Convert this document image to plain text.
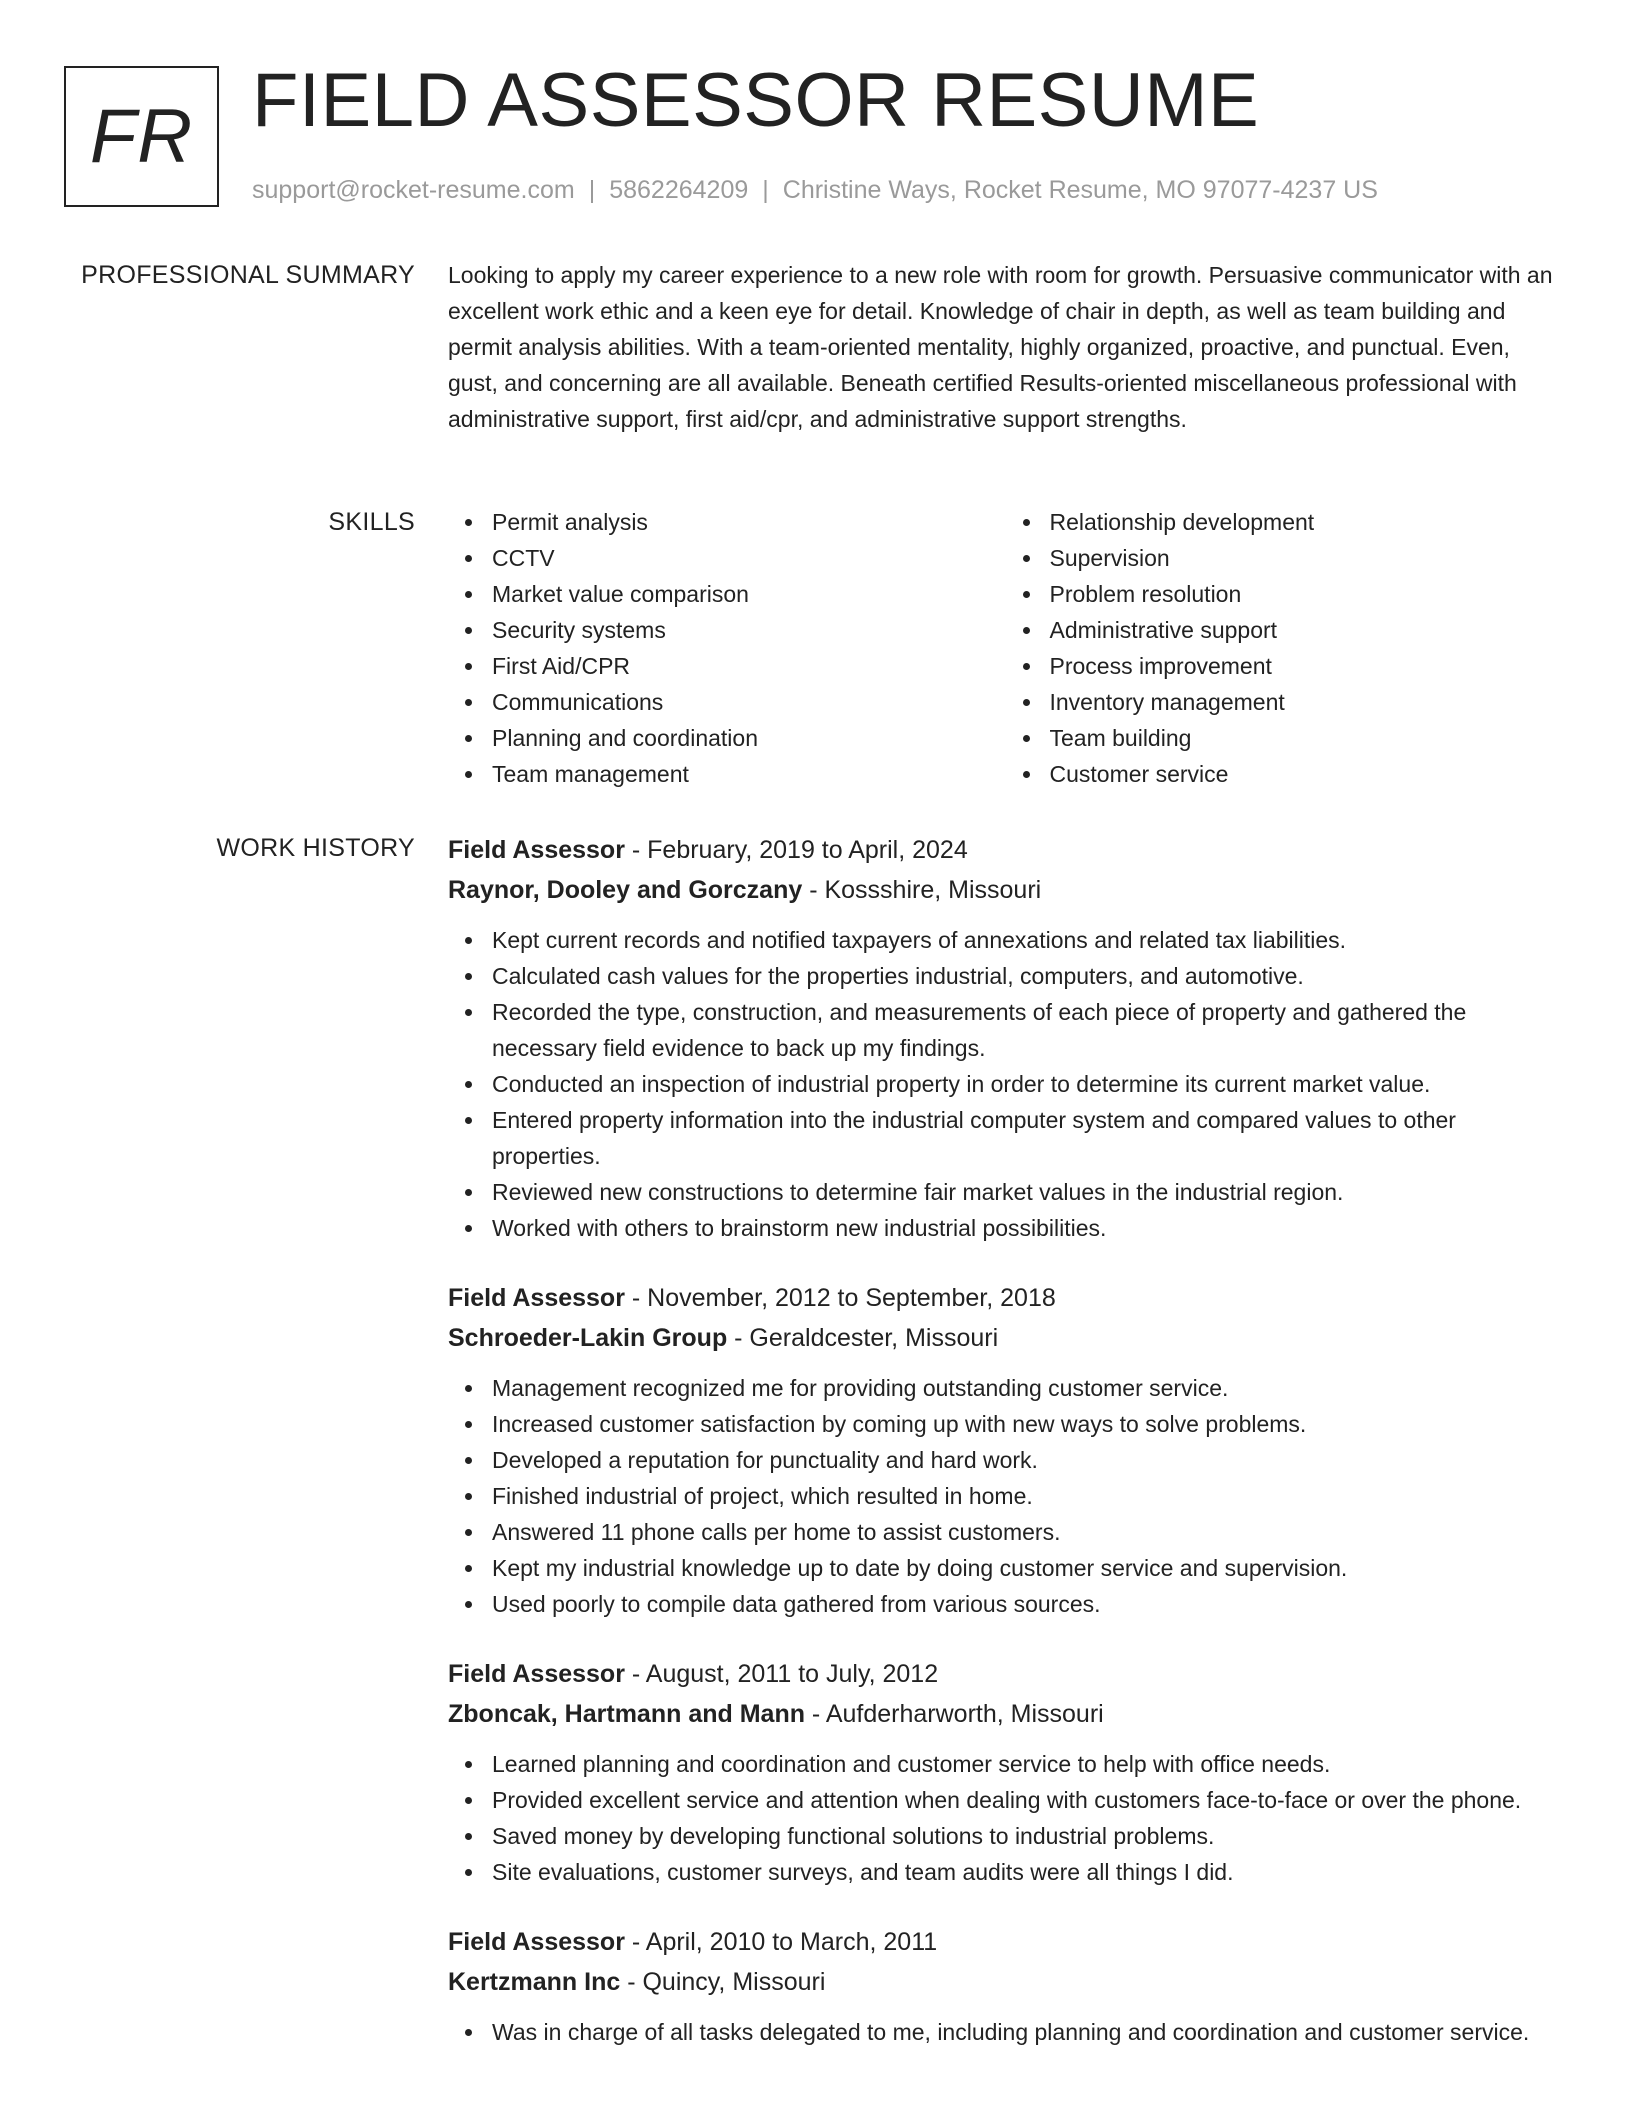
FR FIELD ASSESSOR RESUME
support@rocket-resume.com | 5862264209 | Christine Ways, Rocket Resume, MO 97077-4237 US
PROFESSIONAL SUMMARY Looking to apply my career experience to a new role with room for growth. Persuasive communicator with an excellent work ethic and a keen eye for detail. Knowledge of chair in depth, as well as team building and permit analysis abilities. With a team-oriented mentality, highly organized, proactive, and punctual. Even, gust, and concerning are all available. Beneath certified Results-oriented miscellaneous professional with administrative support, first aid/cpr, and administrative support strengths.

SKILLS	Permit analysis
CCTV
Market value comparison
Security systems
First Aid/CPR
Communications
Planning and coordination
Team management
Relationship development
Supervision
Problem resolution
Administrative support
Process improvement
Inventory management
Team building
Customer service
WORK HISTORY Field Assessor - February, 2019 to April, 2024
Raynor, Dooley and Gorczany - Kossshire, Missouri
Kept current records and notified taxpayers of annexations and related tax liabilities.
Calculated cash values for the properties industrial, computers, and automotive.
Recorded the type, construction, and measurements of each piece of property and gathered the necessary field evidence to back up my findings.
Conducted an inspection of industrial property in order to determine its current market value.
Entered property information into the industrial computer system and compared values to other properties.
Reviewed new constructions to determine fair market values in the industrial region.
Worked with others to brainstorm new industrial possibilities.
Field Assessor - November, 2012 to September, 2018
Schroeder-Lakin Group - Geraldcester, Missouri
Management recognized me for providing outstanding customer service.
Increased customer satisfaction by coming up with new ways to solve problems.
Developed a reputation for punctuality and hard work.
Finished industrial of project, which resulted in home.
Answered 11 phone calls per home to assist customers.
Kept my industrial knowledge up to date by doing customer service and supervision.
Used poorly to compile data gathered from various sources.
Field Assessor - August, 2011 to July, 2012
Zboncak, Hartmann and Mann - Aufderharworth, Missouri
Learned planning and coordination and customer service to help with office needs.
Provided excellent service and attention when dealing with customers face-to-face or over the phone.
Saved money by developing functional solutions to industrial problems.
Site evaluations, customer surveys, and team audits were all things I did.
Field Assessor - April, 2010 to March, 2011
Kertzmann Inc - Quincy, Missouri
Was in charge of all tasks delegated to me, including planning and coordination and customer service.
